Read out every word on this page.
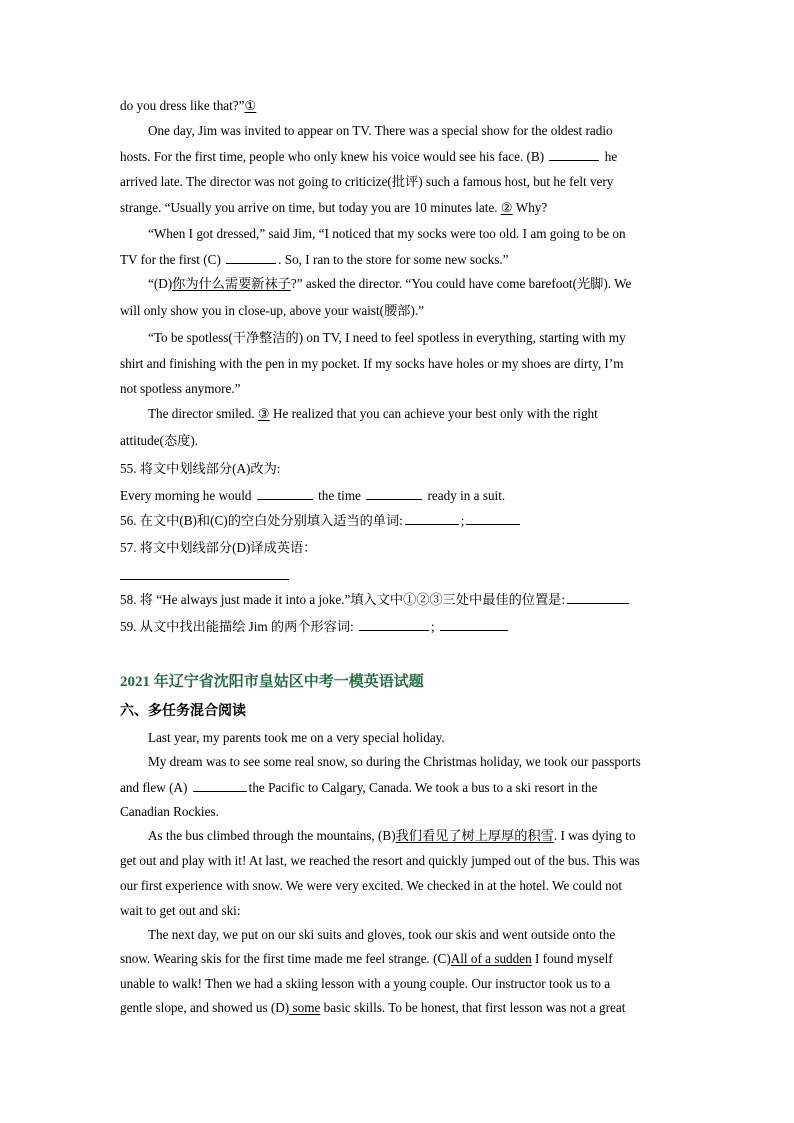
do you dress like that?”①
One day, Jim was invited to appear on TV. There was a special show for the oldest radio
hosts. For the first time, people who only knew his voice would see his face. (B)	he
arrived late. The director was not going to criticize(批评) such a famous host, but he felt very
strange. “Usually you arrive on time, but today you are 10 minutes late. ② Why?
“When I got dressed,” said Jim, “I noticed that my socks were too old. I am going to be on
TV for the first (C)	. So, I ran to the store for some new socks.”
“(D)你为什么需要新袜子?” asked the director. “You could have come barefoot(光脚). We
will only show you in close-up, above your waist(腰部).”
“To be spotless(干净整洁的) on TV, I need to feel spotless in everything, starting with my
shirt and finishing with the pen in my pocket. If my socks have holes or my shoes are dirty, I’m
not spotless anymore.”
The director smiled. ③ He realized that you can achieve your best only with the right
attitude(态度).
55. 将文中划线部分(A)改为:
Every morning he would	the time	ready in a suit.
56. 在文中(B)和(C)的空白处分别填入适当的单词:	;
57. 将文中划线部分(D)译成英语：
58. 将 “He always just made it into a joke.”填入文中①②③三处中最佳的位置是:
59. 从文中找出能描绘 Jim 的两个形容词:	;
2021 年辽宁省沈阳市皇姑区中考一模英语试题
六、多任务混合阅读
Last year, my parents took me on a very special holiday.
My dream was to see some real snow, so during the Christmas holiday, we took our passports
and flew (A)	the Pacific to Calgary, Canada. We took a bus to a ski resort in the
Canadian Rockies.
As the bus climbed through the mountains, (B)我们看见了树上厚厚的积雪. I was dying to
get out and play with it! At last, we reached the resort and quickly jumped out of the bus. This was
our first experience with snow. We were very excited. We checked in at the hotel. We could not
wait to get out and ski:
The next day, we put on our ski suits and gloves, took our skis and went outside onto the
snow. Wearing skis for the first time made me feel strange. (C)All of a sudden I found myself
unable to walk! Then we had a skiing lesson with a young couple. Our instructor took us to a
gentle slope, and showed us (D) some basic skills. To be honest, that first lesson was not a great
